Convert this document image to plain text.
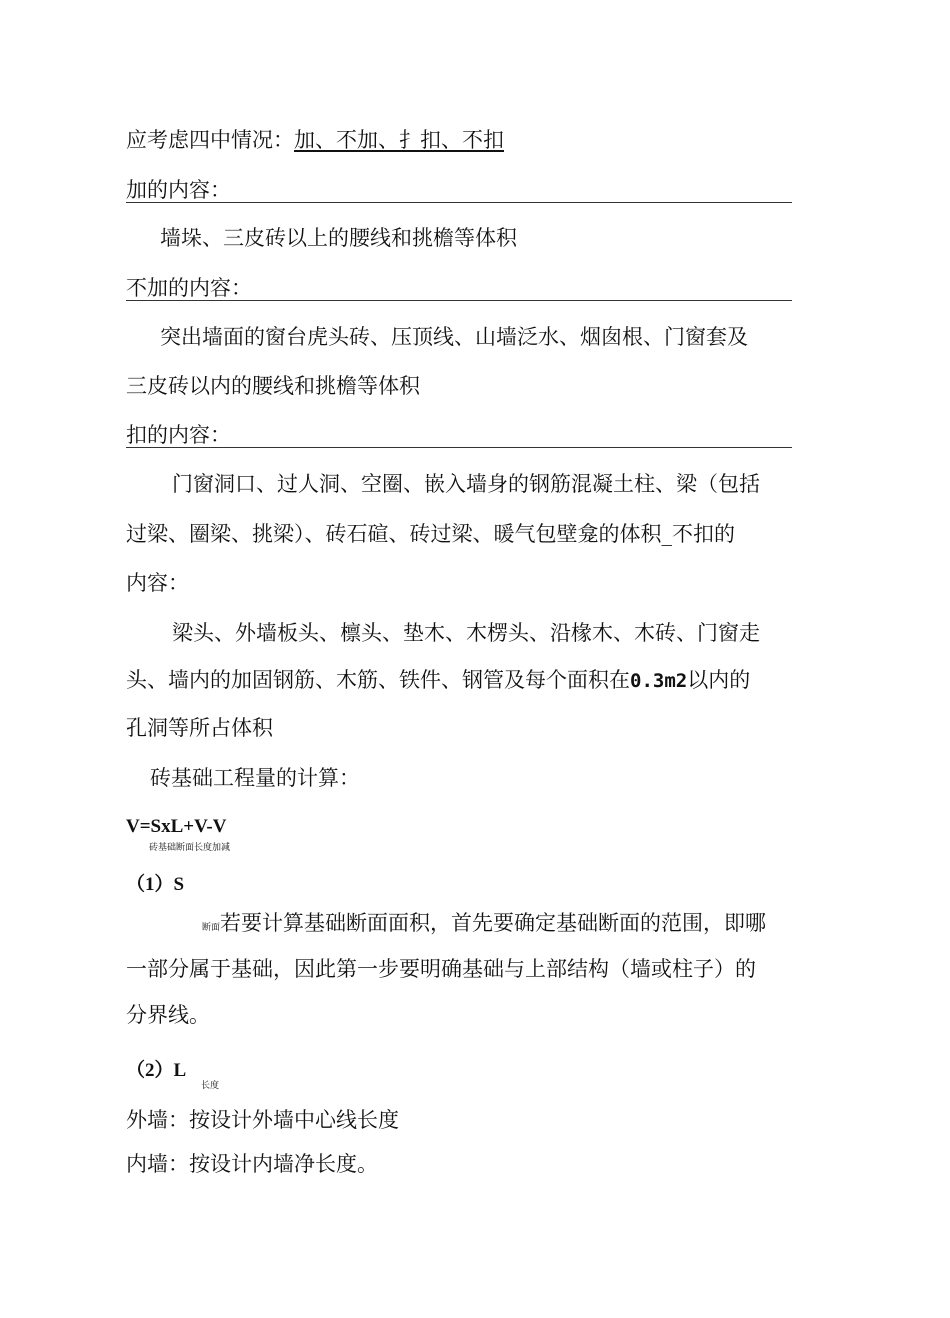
应考虑四中情况：加、不加、扌扣、不扣
加的内容：
墙垛、三皮砖以上的腰线和挑檐等体积
不加的内容：
突出墙面的窗台虎头砖、压顶线、山墙泛水、烟囱根、门窗套及
三皮砖以内的腰线和挑檐等体积
扣的内容：
门窗洞口、过人洞、空圈、嵌入墙身的钢筋混凝土柱、梁（包括
过梁、圈梁、挑梁）、砖石碹、砖过梁、暖气包壁龛的体积_不扣的
内容：
梁头、外墙板头、檩头、垫木、木楞头、沿椽木、木砖、门窗走
头、墙内的加固钢筋、木筋、铁件、钢管及每个面积在0.3m2以内的
孔洞等所占体积
砖基础工程量的计算：
V=SxL+V-V
砖基础断面长度加减
（1）S
断面若要计算基础断面面积，首先要确定基础断面的范围，即哪
一部分属于基础，因此第一步要明确基础与上部结构（墙或柱子）的
分界线。
（2）L
长度
外墙：按设计外墙中心线长度
内墙：按设计内墙净长度。
